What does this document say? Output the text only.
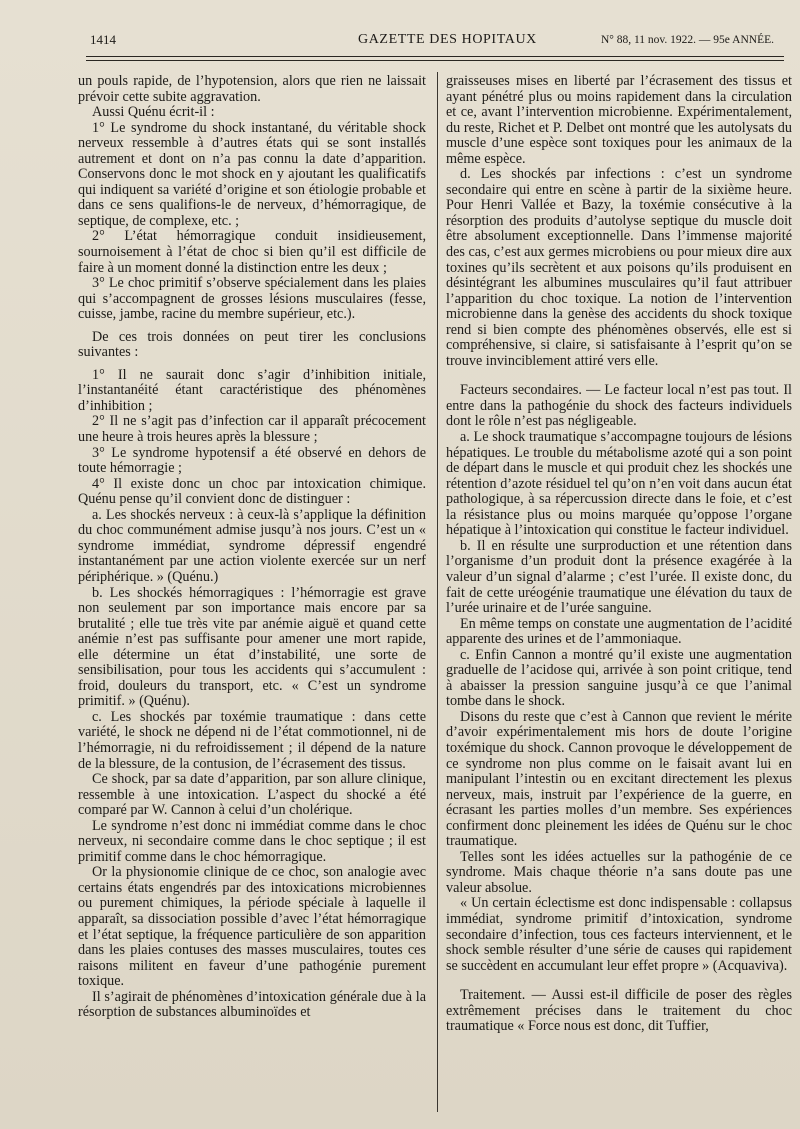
1414	GAZETTE DES HOPITAUX	N° 88, 11 nov. 1922. — 95e ANNÉE.

un pouls rapide, de l’hypotension, alors que rien ne laissait prévoir cette subite aggravation.

Aussi Quénu écrit-il :

1° Le syndrome du shock instantané, du véritable shock nerveux ressemble à d’autres états qui se sont installés autrement et dont on n’a pas connu la date d’apparition. Conservons donc le mot shock en y ajoutant les qualificatifs qui indiquent sa variété d’origine et son étiologie probable et dans ce sens qualifions-le de nerveux, d’hémorragique, de septique, de complexe, etc. ;

2° L’état hémorragique conduit insidieusement, sournoisement à l’état de choc si bien qu’il est difficile de faire à un moment donné la distinction entre les deux ;

3° Le choc primitif s’observe spécialement dans les plaies qui s’accompagnent de grosses lésions musculaires (fesse, cuisse, jambe, racine du membre supérieur, etc.).

De ces trois données on peut tirer les conclusions suivantes :

1° Il ne saurait donc s’agir d’inhibition initiale, l’instantanéité étant caractéristique des phénomènes d’inhibition ;

2° Il ne s’agit pas d’infection car il apparaît précocement une heure à trois heures après la blessure ;

3° Le syndrome hypotensif a été observé en dehors de toute hémorragie ;

4° Il existe donc un choc par intoxication chimique. Quénu pense qu’il convient donc de distinguer :

a. Les shockés nerveux : à ceux-là s’applique la définition du choc communément admise jusqu’à nos jours. C’est un « syndrome immédiat, syndrome dépressif engendré instantanément par une action violente exercée sur un nerf périphérique. » (Quénu.)

b. Les shockés hémorragiques : l’hémorragie est grave non seulement par son importance mais encore par sa brutalité ; elle tue très vite par anémie aiguë et quand cette anémie n’est pas suffisante pour amener une mort rapide, elle détermine un état d’instabilité, une sorte de sensibilisation, pour tous les accidents qui s’accumulent : froid, douleurs du transport, etc. « C’est un syndrome primitif. » (Quénu).

c. Les shockés par toxémie traumatique : dans cette variété, le shock ne dépend ni de l’état commotionnel, ni de l’hémorragie, ni du refroidissement ; il dépend de la nature de la blessure, de la contusion, de l’écrasement des tissus.

Ce shock, par sa date d’apparition, par son allure clinique, ressemble à une intoxication. L’aspect du shocké a été comparé par W. Cannon à celui d’un cholérique.

Le syndrome n’est donc ni immédiat comme dans le choc nerveux, ni secondaire comme dans le choc septique ; il est primitif comme dans le choc hémorragique.

Or la physionomie clinique de ce choc, son analogie avec certains états engendrés par des intoxications microbiennes ou purement chimiques, la période spéciale à laquelle il apparaît, sa dissociation possible d’avec l’état hémorragique et l’état septique, la fréquence particulière de son apparition dans les plaies contuses des masses musculaires, toutes ces raisons militent en faveur d’une pathogénie purement toxique.

Il s’agirait de phénomènes d’intoxication générale due à la résorption de substances albuminoïdes et

graisseuses mises en liberté par l’écrasement des tissus et ayant pénétré plus ou moins rapidement dans la circulation et ce, avant l’intervention microbienne. Expérimentalement, du reste, Richet et P. Delbet ont montré que les autolysats du muscle d’une espèce sont toxiques pour les animaux de la même espèce.

d. Les shockés par infections : c’est un syndrome secondaire qui entre en scène à partir de la sixième heure. Pour Henri Vallée et Bazy, la toxémie consécutive à la résorption des produits d’autolyse septique du muscle doit être absolument exceptionnelle. Dans l’immense majorité des cas, c’est aux germes microbiens ou pour mieux dire aux toxines qu’ils secrètent et aux poisons qu’ils produisent en désintégrant les albumines musculaires qu’il faut attribuer l’apparition du choc toxique. La notion de l’intervention microbienne dans la genèse des accidents du shock toxique rend si bien compte des phénomènes observés, elle est si compréhensive, si claire, si satisfaisante à l’esprit qu’on se trouve invinciblement attiré vers elle.

Facteurs secondaires. — Le facteur local n’est pas tout. Il entre dans la pathogénie du shock des facteurs individuels dont le rôle n’est pas négligeable.

a. Le shock traumatique s’accompagne toujours de lésions hépatiques. Le trouble du métabolisme azoté qui a son point de départ dans le muscle et qui produit chez les shockés une rétention d’azote résiduel tel qu’on n’en voit dans aucun état pathologique, à sa répercussion directe dans le foie, et c’est la résistance plus ou moins marquée qu’oppose l’organe hépatique à l’intoxication qui constitue le facteur individuel.

b. Il en résulte une surproduction et une rétention dans l’organisme d’un produit dont la présence exagérée à la valeur d’un signal d’alarme ; c’est l’urée. Il existe donc, du fait de cette uréogénie traumatique une élévation du taux de l’urée urinaire et de l’urée sanguine.

En même temps on constate une augmentation de l’acidité apparente des urines et de l’ammoniaque.

c. Enfin Cannon a montré qu’il existe une augmentation graduelle de l’acidose qui, arrivée à son point critique, tend à abaisser la pression sanguine jusqu’à ce que l’animal tombe dans le shock.

Disons du reste que c’est à Cannon que revient le mérite d’avoir expérimentalement mis hors de doute l’origine toxémique du shock. Cannon provoque le développement de ce syndrome non plus comme on le faisait avant lui en manipulant l’intestin ou en excitant directement les plexus nerveux, mais, instruit par l’expérience de la guerre, en écrasant les parties molles d’un membre. Ses expériences confirment donc pleinement les idées de Quénu sur le choc traumatique.

Telles sont les idées actuelles sur la pathogénie de ce syndrome. Mais chaque théorie n’a sans doute pas une valeur absolue.

« Un certain éclectisme est donc indispensable : collapsus immédiat, syndrome primitif d’intoxication, syndrome secondaire d’infection, tous ces facteurs interviennent, et le shock semble résulter d’une série de causes qui rapidement se succèdent en accumulant leur effet propre » (Acquaviva).

Traitement. — Aussi est-il difficile de poser des règles extrêmement précises dans le traitement du choc traumatique « Force nous est donc, dit Tuffier,
